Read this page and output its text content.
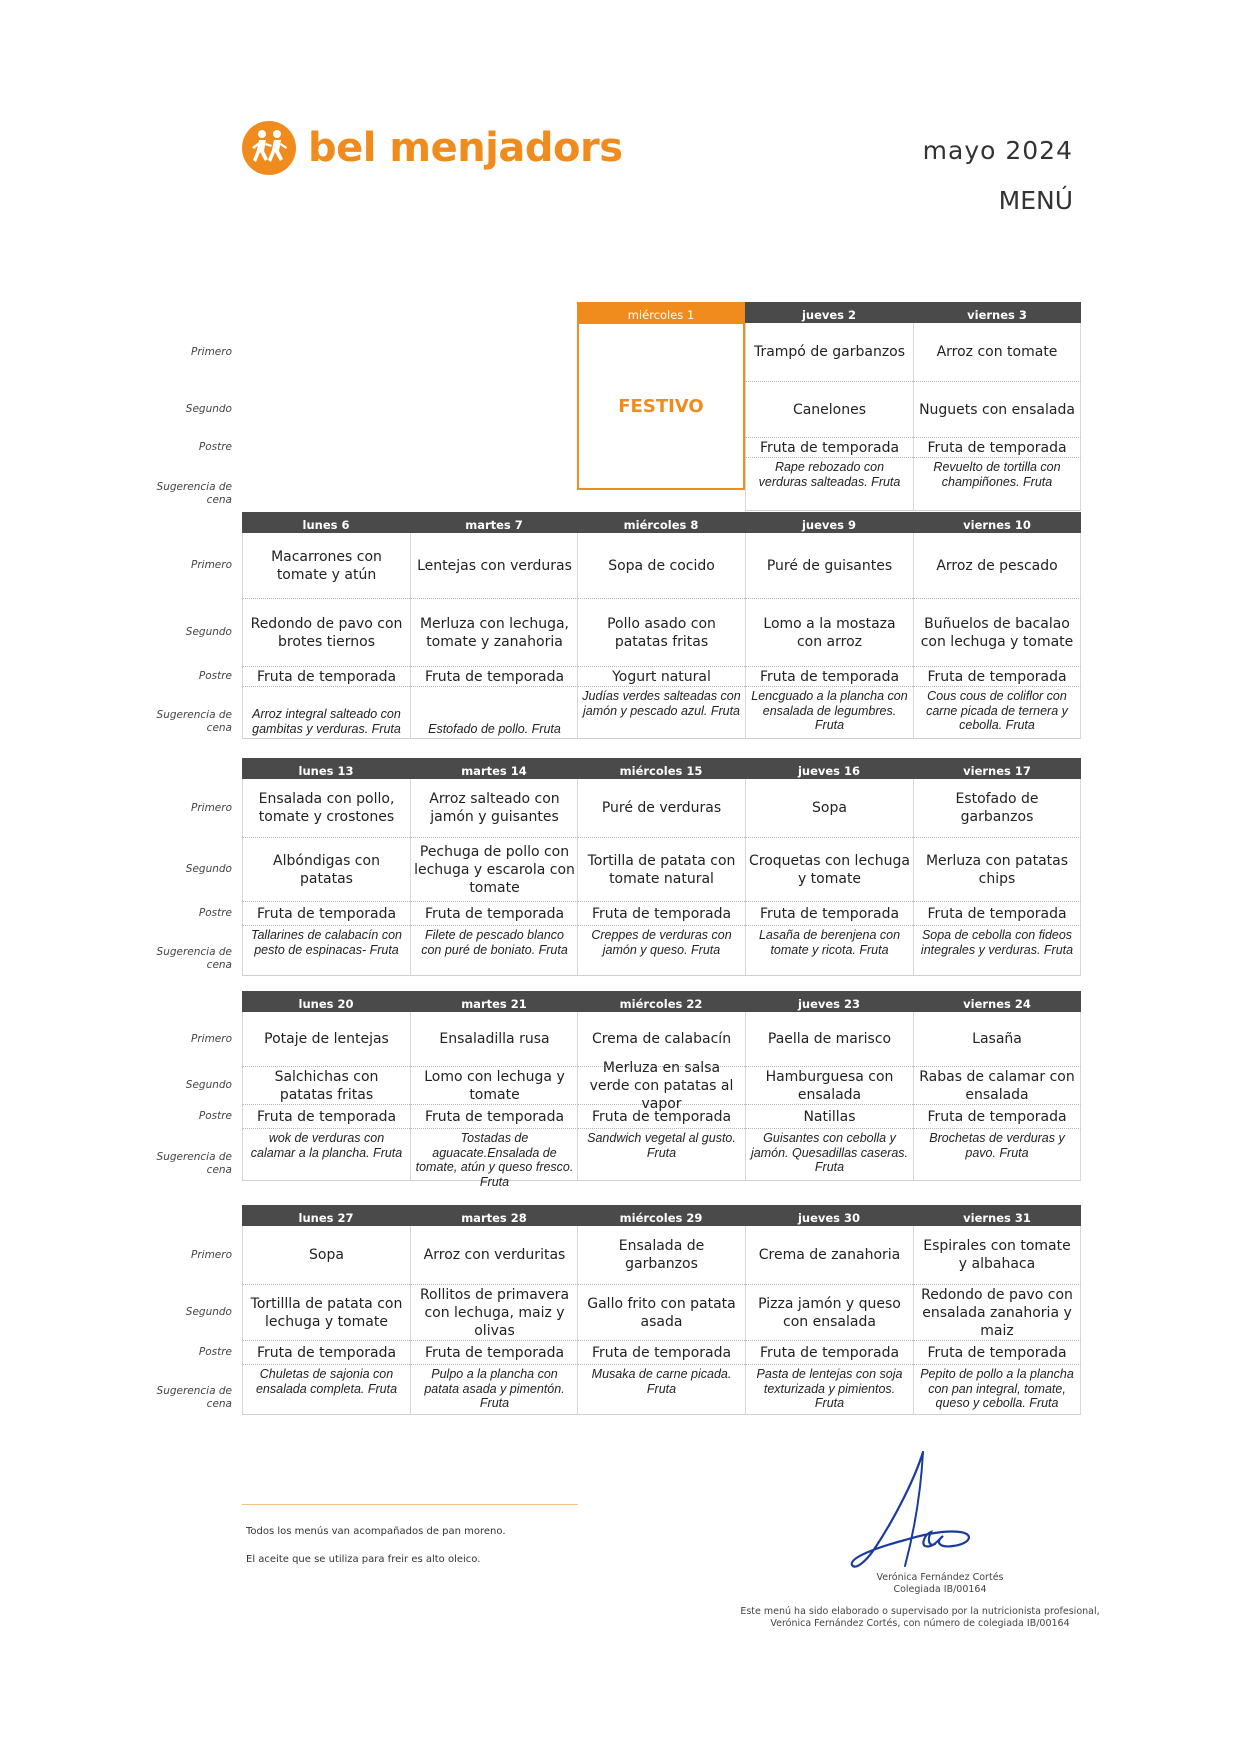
bel menjadors	mayo 2024
MENÚ
Primero
Segundo
Postre
Sugerencia de cena
jueves 2
Trampó de garbanzos
Canelones
Fruta de temporada
Rape rebozado con verduras salteadas. Fruta
viernes 3
Arroz con tomate
Nuguets con ensalada
Fruta de temporada
Revuelto de tortilla con champiñones. Fruta
Primero
Segundo
Postre
Sugerencia de cena
lunes 6
Macarrones con tomate y atún
Redondo de pavo con brotes tiernos
Fruta de temporada
Arroz integral salteado con gambitas y verduras. Fruta
martes 7
Lentejas con verduras
Merluza con lechuga, tomate y zanahoria
Fruta de temporada
Estofado de pollo. Fruta
miércoles 8
Sopa de cocido
Pollo asado con patatas fritas
Yogurt natural
Judías verdes salteadas con jamón y pescado azul. Fruta
jueves 9
Puré de guisantes
Lomo a la mostaza con arroz
Fruta de temporada
Lencguado a la plancha con ensalada de legumbres. Fruta
viernes 10
Arroz de pescado
Buñuelos de bacalao con lechuga y tomate
Fruta de temporada
Cous cous de coliflor con carne picada de ternera y cebolla. Fruta
Primero
Segundo
Postre
Sugerencia de cena
lunes 13
Ensalada con pollo, tomate y crostones
Albóndigas con patatas
Fruta de temporada
Tallarines de calabacín con pesto de espinacas- Fruta
martes 14
Arroz salteado con jamón y guisantes
Pechuga de pollo con lechuga y escarola con tomate
Fruta de temporada
Filete de pescado blanco con puré de boniato. Fruta
miércoles 15
Puré de verduras
Tortilla de patata con tomate natural
Fruta de temporada
Creppes de verduras con jamón y queso. Fruta
jueves 16
Sopa
Croquetas con lechuga y tomate
Fruta de temporada
Lasaña de berenjena con tomate y ricota. Fruta
viernes 17
Estofado de garbanzos
Merluza con patatas chips
Fruta de temporada
Sopa de cebolla con fideos integrales y verduras. Fruta
Primero
Segundo
Postre
Sugerencia de cena
lunes 20
Potaje de lentejas
Salchichas con patatas fritas
Fruta de temporada
wok de verduras con calamar a la plancha. Fruta
martes 21
Ensaladilla rusa
Lomo con lechuga y tomate
Fruta de temporada
Tostadas de aguacate.Ensalada de tomate, atún y queso fresco. Fruta
miércoles 22
Crema de calabacín
Merluza en salsa verde con patatas al vapor
Fruta de temporada
Sandwich vegetal al gusto. Fruta
jueves 23
Paella de marisco
Hamburguesa con ensalada
Natillas
Guisantes con cebolla y jamón. Quesadillas caseras. Fruta
viernes 24
Lasaña
Rabas de calamar con ensalada
Fruta de temporada
Brochetas de verduras y pavo. Fruta
Primero
Segundo
Postre
Sugerencia de cena
lunes 27
Sopa
Tortillla de patata con lechuga y tomate
Fruta de temporada
Chuletas de sajonia con ensalada completa. Fruta
martes 28
Arroz con verduritas
Rollitos de primavera con lechuga, maiz y olivas
Fruta de temporada
Pulpo a la plancha con patata asada y pimentón. Fruta
miércoles 29
Ensalada de garbanzos
Gallo frito con patata asada
Fruta de temporada
Musaka de carne picada. Fruta
jueves 30
Crema de zanahoria
Pizza jamón y queso con ensalada
Fruta de temporada
Pasta de lentejas con soja texturizada y pimientos. Fruta
viernes 31
Espirales con tomate y albahaca
Redondo de pavo con ensalada zanahoria y maiz
Fruta de temporada
Pepito de pollo a la plancha con pan integral, tomate, queso y cebolla. Fruta
miércoles 1
FESTIVO
Todos los menús van acompañados de pan moreno.
El aceite que se utiliza para freir es alto oleico.
Verónica Fernández Cortés
Colegiada IB/00164
Este menú ha sido elaborado o supervisado por la nutricionista profesional,
Verónica Fernández Cortés, con número de colegiada IB/00164
